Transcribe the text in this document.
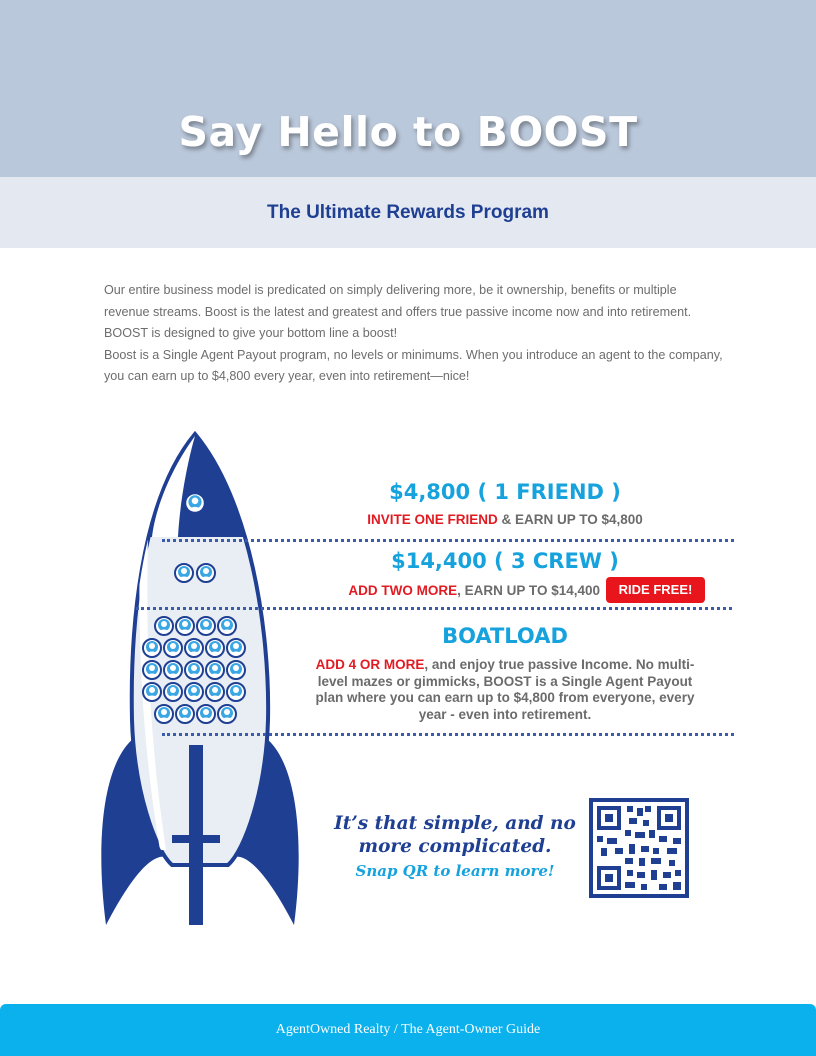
Say Hello to BOOST
The Ultimate Rewards Program

Our entire business model is predicated on simply delivering more, be it ownership, benefits or multiple revenue streams. Boost is the latest and greatest and offers true passive income now and into retirement. BOOST is designed to give your bottom line a boost!

Boost is a Single Agent Payout program, no levels or minimums. When you introduce an agent to the company, you can earn up to $4,800 every year, even into retirement—nice!

$4,800 ( 1 FRIEND )

INVITE ONE FRIEND & EARN UP TO $4,800

$14,400 ( 3 CREW )

ADD TWO MORE, EARN UP TO $14,400	RIDE FREE!

BOATLOAD

ADD 4 OR MORE, and enjoy true passive Income. No multi-level mazes or gimmicks, BOOST is a Single Agent Payout plan where you can earn up to $4,800 from everyone, every year - even into retirement.

It’s that simple, and no more complicated.

Snap QR to learn more!

AgentOwned Realty / The Agent-Owner Guide
